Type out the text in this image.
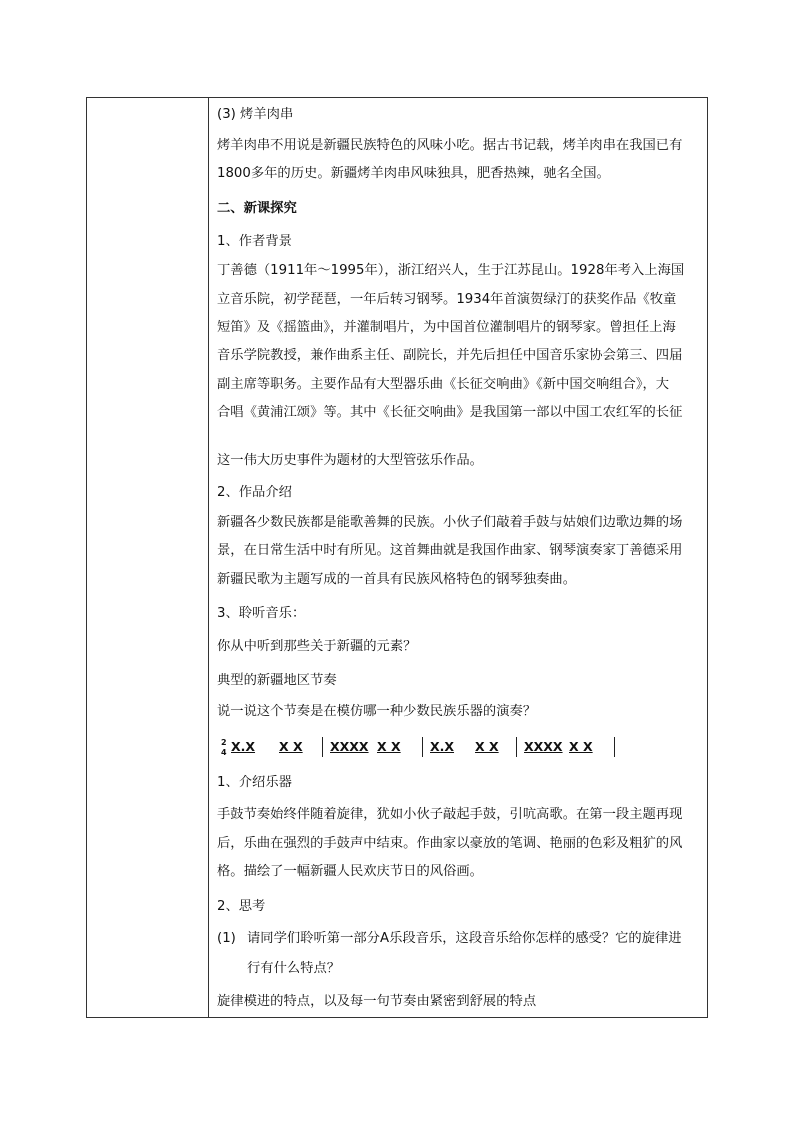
(3) 烤羊肉串
烤羊肉串不用说是新疆民族特色的风味小吃。据古书记载，烤羊肉串在我国已有
1800多年的历史。新疆烤羊肉串风味独具，肥香热辣，驰名全国。
二、新课探究
1、作者背景
丁善德（1911年～1995年），浙江绍兴人，生于江苏昆山。1928年考入上海国
立音乐院，初学琵琶，一年后转习钢琴。1934年首演贺绿汀的获奖作品《牧童
短笛》及《摇篮曲》，并灌制唱片，为中国首位灌制唱片的钢琴家。曾担任上海
音乐学院教授，兼作曲系主任、副院长，并先后担任中国音乐家协会第三、四届
副主席等职务。主要作品有大型器乐曲《长征交响曲》《新中国交响组合》，大
合唱《黄浦江颂》等。其中《长征交响曲》是我国第一部以中国工农红军的长征
这一伟大历史事件为题材的大型管弦乐作品。
2、作品介绍
新疆各少数民族都是能歌善舞的民族。小伙子们敲着手鼓与姑娘们边歌边舞的场
景，在日常生活中时有所见。这首舞曲就是我国作曲家、钢琴演奏家丁善德采用
新疆民歌为主题写成的一首具有民族风格特色的钢琴独奏曲。
3、聆听音乐：
你从中听到那些关于新疆的元素？
典型的新疆地区节奏
说一说这个节奏是在模仿哪一种少数民族乐器的演奏？
2
4 X.X X X XXXX X X X.X X X XXXX X X
1、介绍乐器
手鼓节奏始终伴随着旋律，犹如小伙子敲起手鼓，引吭高歌。在第一段主题再现
后，乐曲在强烈的手鼓声中结束。作曲家以豪放的笔调、艳丽的色彩及粗犷的风
格。描绘了一幅新疆人民欢庆节日的风俗画。
2、思考
(1) 请同学们聆听第一部分A乐段音乐，这段音乐给你怎样的感受？它的旋律进
行有什么特点？
旋律模进的特点，以及每一句节奏由紧密到舒展的特点
